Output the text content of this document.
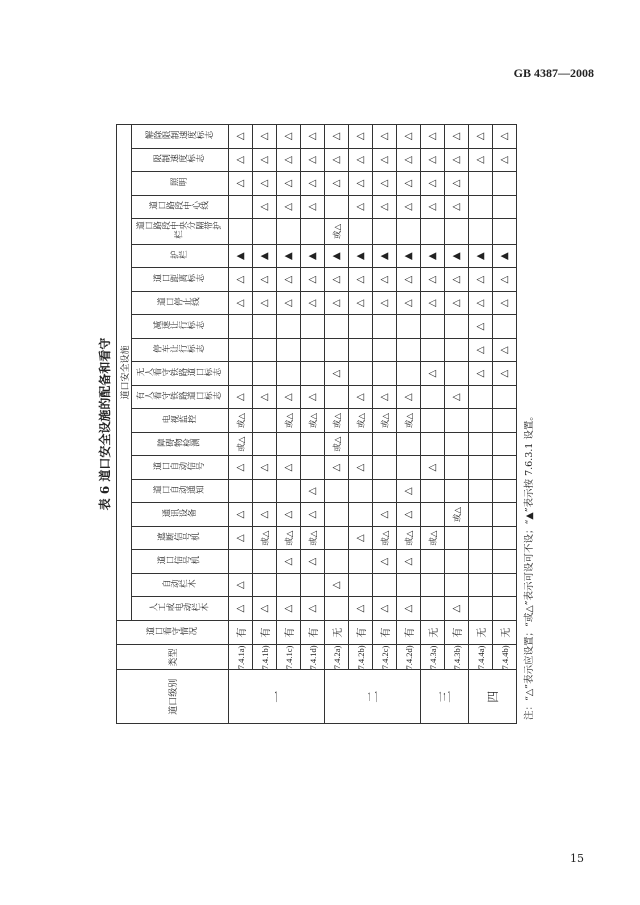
GB 4387—2008
表 6 道口安全设施的配备和看守
道口级别	类型	道口看守情况	道口安全设施																				
			人工或电动栏木	自动栏木	道口信号机	遮断信号机	通讯设备	道口自动通知	道口自动信号	障碍物检测	电视监控	有人看守铁路道口标志	无人看守铁路道口标志	停车让行标志	减速让行标志	道口停止线	道口距离标志	护栏	道口路段中央分隔带护栏	道口路段中心线	照明	限制速度标志	解除限制速度标志
一	7.4.1a)	有	△	△		△	△		△	或△	或△	△				△	△	▲			△	△	△
	7.4.1b)	有	△			或△	△		△			△				△	△	▲		△	△	△	△
	7.4.1c)	有	△		△	或△	△		△		或△	△				△	△	▲		△	△	△	△
	7.4.1d)	有	△		△	或△	△	△			或△	△				△	△	▲		△	△	△	△
二	7.4.2a)	无		△					△	或△	或△		△			△	△	▲	或△		△	△	△
	7.4.2b)	有	△			△			△		或△	△				△	△	▲		△	△	△	△
	7.4.2c)	有	△		△	或△	△				或△	△				△	△	▲		△	△	△	△
	7.4.2d)	有	△		△	或△	△	△			或△	△				△	△	▲		△	△	△	△
三	7.4.3a)	无				或△			△				△			△	△	▲		△	△	△	△
	7.4.3b)	有	△				或△					△				△	△	▲		△	△	△	△
四	7.4.4a)	无											△	△	△	△	△	▲				△	△
	7.4.4b)	无											△	△		△	△	▲				△	△
注：“△”表示应设置；“或△”表示可设可不设；“▲”表示按 7.6.3.1 设置。
15
